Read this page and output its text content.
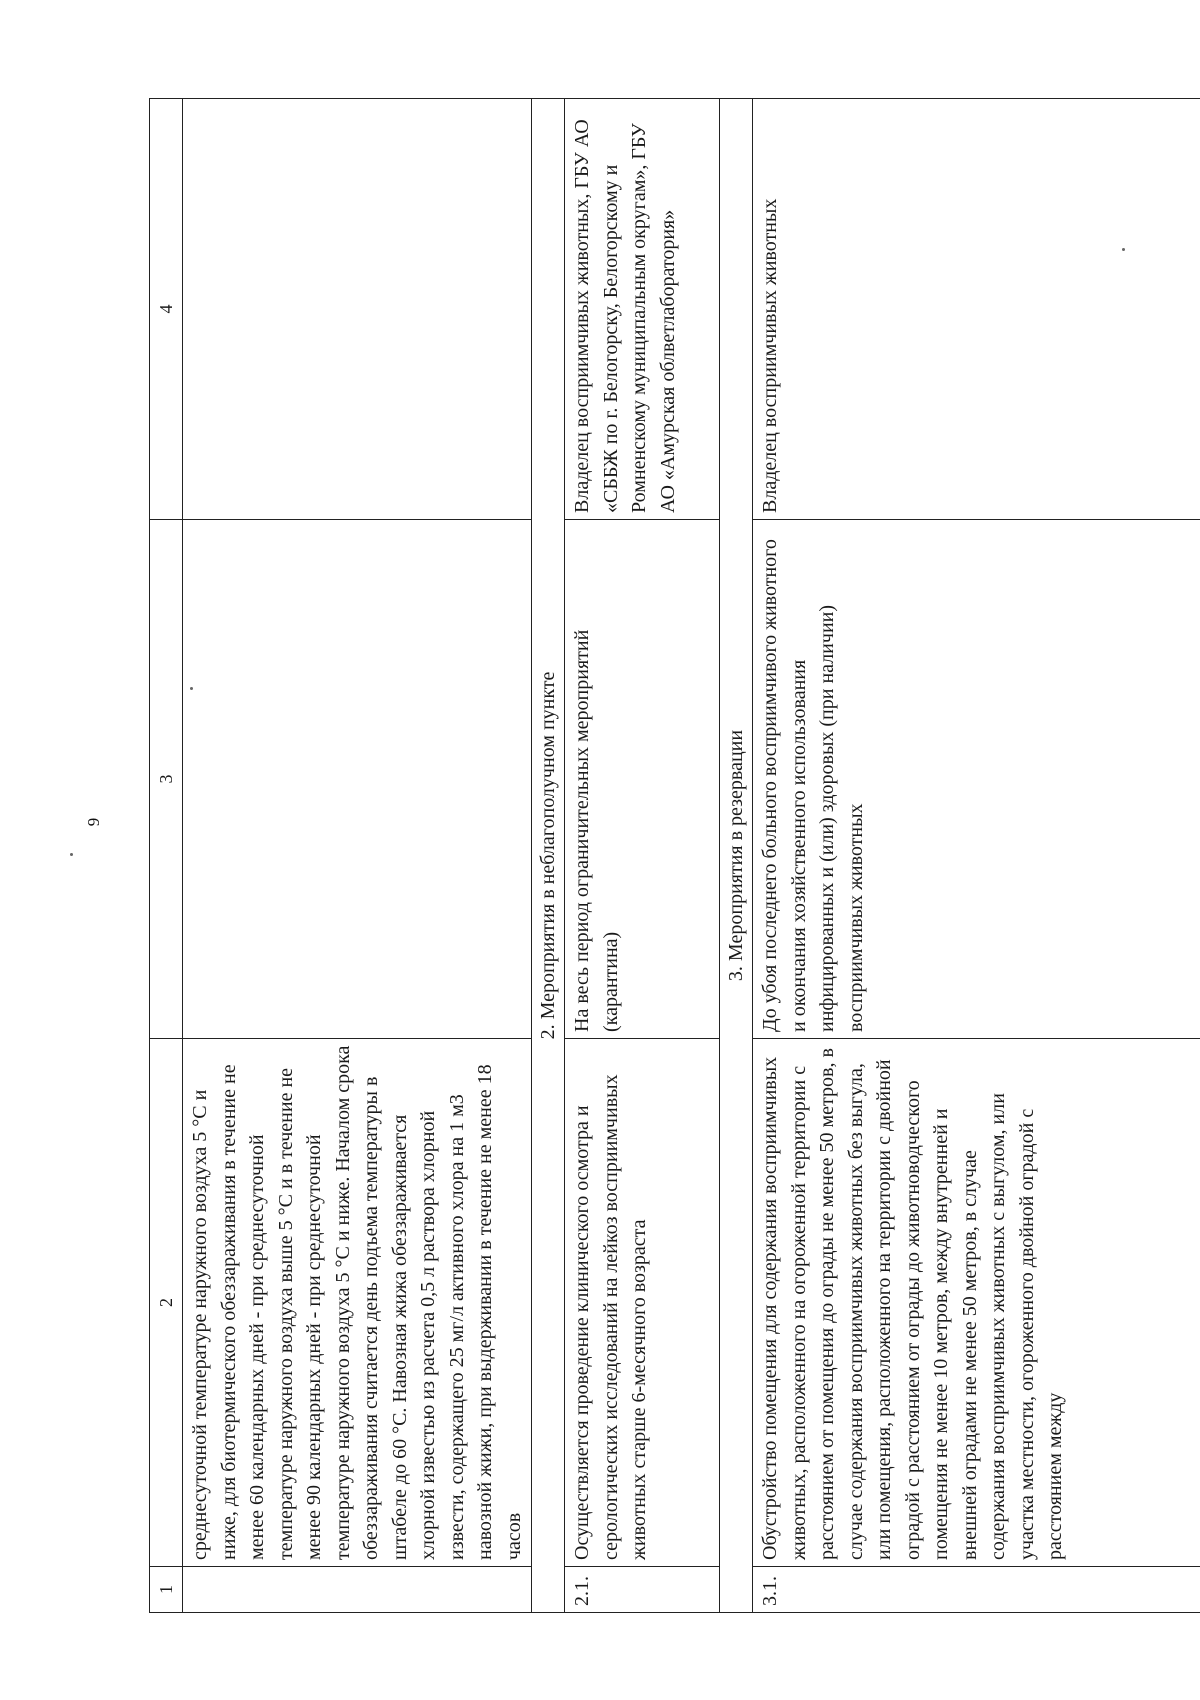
9
1	2	3	4
	среднесуточной температуре наружного воздуха 5 °С и ниже, для биотермического обеззараживания в течение не менее 60 календарных дней - при среднесуточной температуре наружного воздуха выше 5 °С и в течение не менее 90 календарных дней - при среднесуточной температуре наружного воздуха 5 °С и ниже. Началом срока обеззараживания считается день подъема температуры в штабеле до 60 °С. Навозная жижа обеззараживается хлорной известью из расчета 0,5 л раствора хлорной извести, содержащего 25 мг/л активного хлора на 1 м3 навозной жижи, при выдерживании в течение не менее 18 часов		
2. Мероприятия в неблагополучном пункте			
2.1.	Осуществляется проведение клинического осмотра и серологических исследований на лейкоз восприимчивых животных старше 6-месячного возраста	На весь период ограничительных мероприятий (карантина)	Владелец восприимчивых животных, ГБУ АО «СББЖ по г. Белогорску, Белогорскому и Ромненскому муниципальным округам», ГБУ АО «Амурская облветлаборатория»
3. Мероприятия в резервации			
3.1.	Обустройство помещения для содержания восприимчивых животных, расположенного на огороженной территории с расстоянием от помещения до ограды не менее 50 метров, в случае содержания восприимчивых животных без выгула, или помещения, расположенного на территории с двойной оградой с расстоянием от ограды до животноводческого помещения не менее 10 метров, между внутренней и внешней оградами не менее 50 метров, в случае содержания восприимчивых животных с выгулом, или участка местности, огороженного двойной оградой с расстоянием между	До убоя последнего больного восприимчивого животного и окончания хозяйственного использования инфицированных и (или) здоровых (при наличии) восприимчивых животных	Владелец восприимчивых животных
